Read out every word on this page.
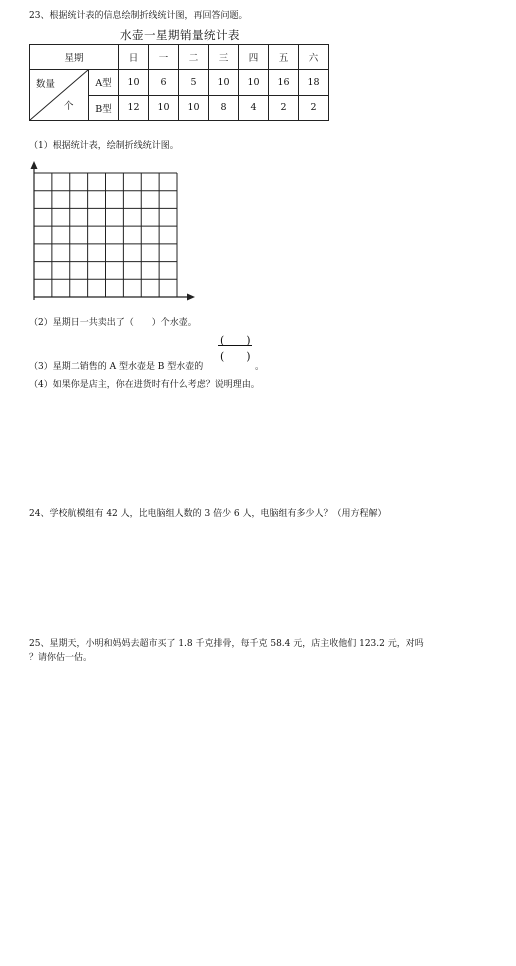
23、根据统计表的信息绘制折线统计图，再回答问题。
水壶一星期销量统计表
星期		日	一	二	三	四	五	六

数量
个	A型	10	6	5	10	10	16	18
	B型	12	10	10	8	4	2	2
（1）根据统计表，绘制折线统计图。
（2）星期日一共卖出了（　　）个水壶。
（3）星期二销售的 A 型水壶是 B 型水壶的
(　　)
(　　)
。
（4）如果你是店主，你在进货时有什么考虑？说明理由。
24、学校航模组有 42 人，比电脑组人数的 3 倍少 6 人，电脑组有多少人？（用方程解）
25、星期天，小明和妈妈去超市买了 1.8 千克排骨，每千克 58.4 元，店主收他们 123.2 元，对吗
？请你估一估。
